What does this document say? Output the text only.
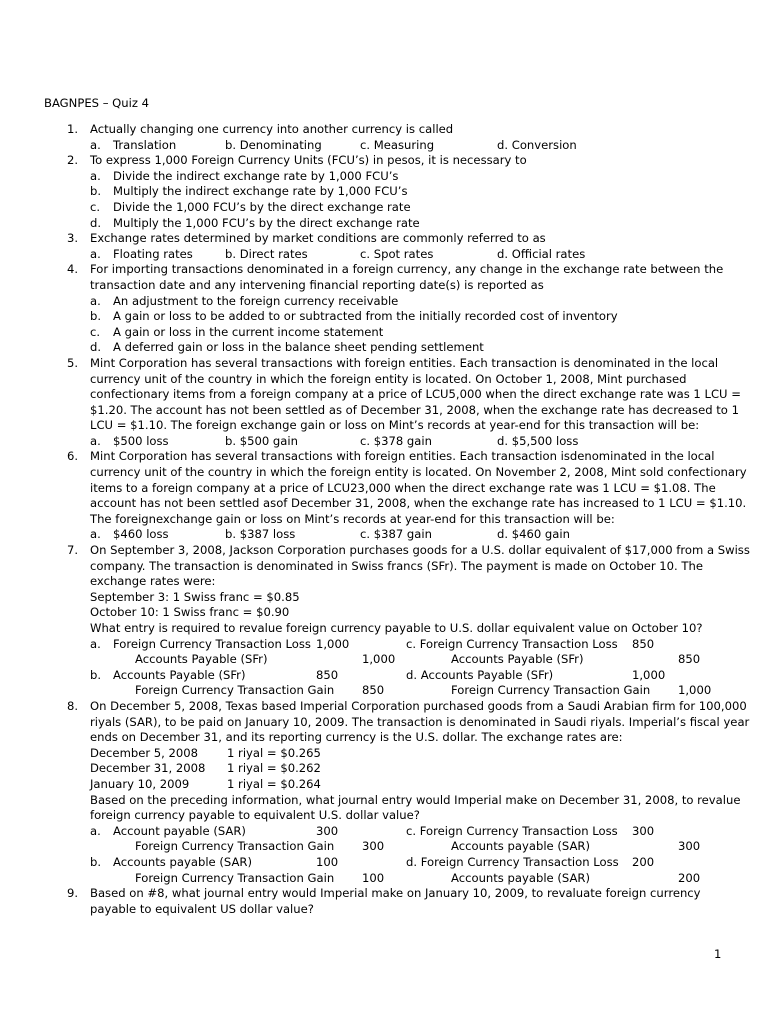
BAGNPES – Quiz 4
1. Actually changing one currency into another currency is called
a. Translation	b. Denominating	c. Measuring	d. Conversion
2. To express 1,000 Foreign Currency Units (FCU’s) in pesos, it is necessary to
a. Divide the indirect exchange rate by 1,000 FCU’s
b. Multiply the indirect exchange rate by 1,000 FCU’s
c. Divide the 1,000 FCU’s by the direct exchange rate
d. Multiply the 1,000 FCU’s by the direct exchange rate
3. Exchange rates determined by market conditions are commonly referred to as
a. Floating rates	b. Direct rates	c. Spot rates	d. Official rates
4. For importing transactions denominated in a foreign currency, any change in the exchange rate between the
transaction date and any intervening financial reporting date(s) is reported as
a. An adjustment to the foreign currency receivable
b. A gain or loss to be added to or subtracted from the initially recorded cost of inventory
c. A gain or loss in the current income statement
d. A deferred gain or loss in the balance sheet pending settlement
5. Mint Corporation has several transactions with foreign entities. Each transaction is denominated in the local
currency unit of the country in which the foreign entity is located. On October 1, 2008, Mint purchased
confectionary items from a foreign company at a price of LCU5,000 when the direct exchange rate was 1 LCU =
$1.20. The account has not been settled as of December 31, 2008, when the exchange rate has decreased to 1
LCU = $1.10. The foreign exchange gain or loss on Mint’s records at year-end for this transaction will be:
a. $500 loss	b. $500 gain	c. $378 gain	d. $5,500 loss
6. Mint Corporation has several transactions with foreign entities. Each transaction isdenominated in the local
currency unit of the country in which the foreign entity is located. On November 2, 2008, Mint sold confectionary
items to a foreign company at a price of LCU23,000 when the direct exchange rate was 1 LCU = $1.08. The
account has not been settled asof December 31, 2008, when the exchange rate has increased to 1 LCU = $1.10.
The foreignexchange gain or loss on Mint’s records at year-end for this transaction will be:
a. $460 loss	b. $387 loss	c. $387 gain	d. $460 gain
7. On September 3, 2008, Jackson Corporation purchases goods for a U.S. dollar equivalent of $17,000 from a Swiss
company. The transaction is denominated in Swiss francs (SFr). The payment is made on October 10. The
exchange rates were:
September 3: 1 Swiss franc = $0.85
October 10: 1 Swiss franc = $0.90
What entry is required to revalue foreign currency payable to U.S. dollar equivalent value on October 10?
a. Foreign Currency Transaction Loss 1,000	c. Foreign Currency Transaction Loss 850
Accounts Payable (SFr)	1,000	Accounts Payable (SFr)	850
b. Accounts Payable (SFr)	850	d. Accounts Payable (SFr)	1,000
Foreign Currency Transaction Gain 850	Foreign Currency Transaction Gain 1,000
8. On December 5, 2008, Texas based Imperial Corporation purchased goods from a Saudi Arabian firm for 100,000
riyals (SAR), to be paid on January 10, 2009. The transaction is denominated in Saudi riyals. Imperial’s fiscal year
ends on December 31, and its reporting currency is the U.S. dollar. The exchange rates are:
December 5, 2008 1 riyal = $0.265
December 31, 2008 1 riyal = $0.262
January 10, 2009	1 riyal = $0.264
Based on the preceding information, what journal entry would Imperial make on December 31, 2008, to revalue
foreign currency payable to equivalent U.S. dollar value?
a. Account payable (SAR)	300	c. Foreign Currency Transaction Loss 300
Foreign Currency Transaction Gain 300	Accounts payable (SAR)	300
b. Accounts payable (SAR)	100	d. Foreign Currency Transaction Loss 200
Foreign Currency Transaction Gain 100	Accounts payable (SAR)	200
9. Based on #8, what journal entry would Imperial make on January 10, 2009, to revaluate foreign currency
payable to equivalent US dollar value?
1
